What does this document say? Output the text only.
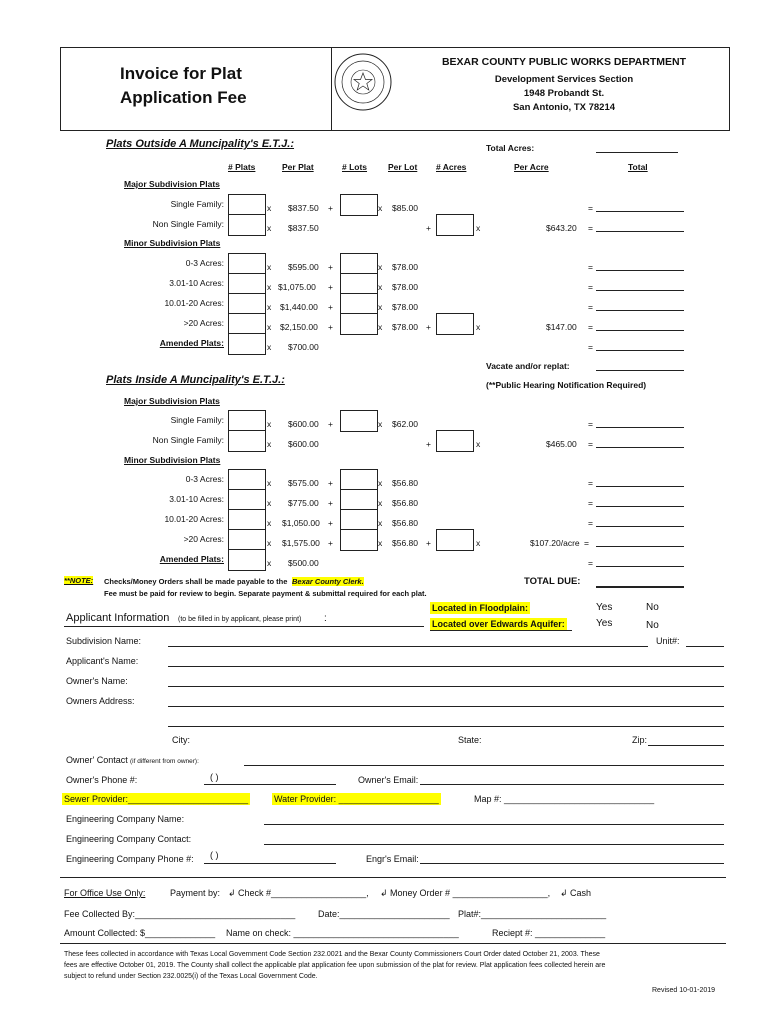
Invoice for Plat
Application Fee
BEXAR COUNTY PUBLIC WORKS DEPARTMENT
Development Services Section
1948 Probandt St.
San Antonio, TX 78214
Plats Outside A Muncipality's E.T.J.:	Total Acres:
# Plats	Per Plat	# Lots Per Lot # Acres	Per Acre	Total
Major Subdivision Plats
Single Family:	x $837.50 +	x $85.00	=
Non Single Family:	x $837.50	+	x	$643.20 =
Minor Subdivision Plats
0-3 Acres:	x $595.00 +	x $78.00	=
3.01-10 Acres:	x $1,075.00 +	x $78.00	=
10.01-20 Acres:	x $1,440.00 +	x $78.00	=
>20 Acres:	x $2,150.00 +	x $78.00 +	x	$147.00 =
Amended Plats:	x $700.00	=
Vacate and/or replat:
Plats Inside A Muncipality's E.T.J.:	(**Public Hearing Notification Required)
Major Subdivision Plats
Single Family:	x $600.00 +	x $62.00	=
Non Single Family:	x $600.00	+	x	$465.00 =
Minor Subdivision Plats
0-3 Acres:	x $575.00 +	x $56.80	=
3.01-10 Acres:	x $775.00 +	x $56.80	=
10.01-20 Acres:	x $1,050.00 +	x $56.80	=
>20 Acres:	x $1,575.00 +	x $56.80 +	x	$107.20/acre =
Amended Plats:	x $500.00	=
**NOTE: Checks/Money Orders shall be made payable to the Bexar County Clerk.
Fee must be paid for review to begin. Separate payment & submittal required for each plat.
TOTAL DUE:
Applicant Information (to be filled in by applicant, please print) :
Located in Floodplain:
Located over Edwards Aquifer:
Yes	No
Yes	No
Subdivision Name:	Unit#:
Applicant's Name:
Owner's Name:
Owners Address:
City:	State:	Zip:
Owner' Contact (if different from owner):
Owner's Phone #:	( )	Owner's Email:
Sewer Provider:________________________	Water Provider: ____________________	Map #: ______________________________
Engineering Company Name:
Engineering Company Contact:
Engineering Company Phone #: ( )	Engr's Email:
For Office Use Only:	Payment by: ↲ Check #___________________, ↲ Money Order # ___________________, ↲ Cash
Fee Collected By:________________________________	Date:______________________ Plat#:_________________________
Amount Collected: $______________ Name on check: _________________________________	Reciept #: ______________
These fees collected in accordance with Texas Local Government Code Section 232.0021 and the Bexar County Commissioners Court Order dated October 21, 2003. These
fees are effective October 01, 2019. The County shall collect the applicable plat application fee upon submission of the plat for review. Plat application fees collected herein are
subject to refund under Section 232.0025(i) of the Texas Local Government Code.
Revised 10-01-2019
